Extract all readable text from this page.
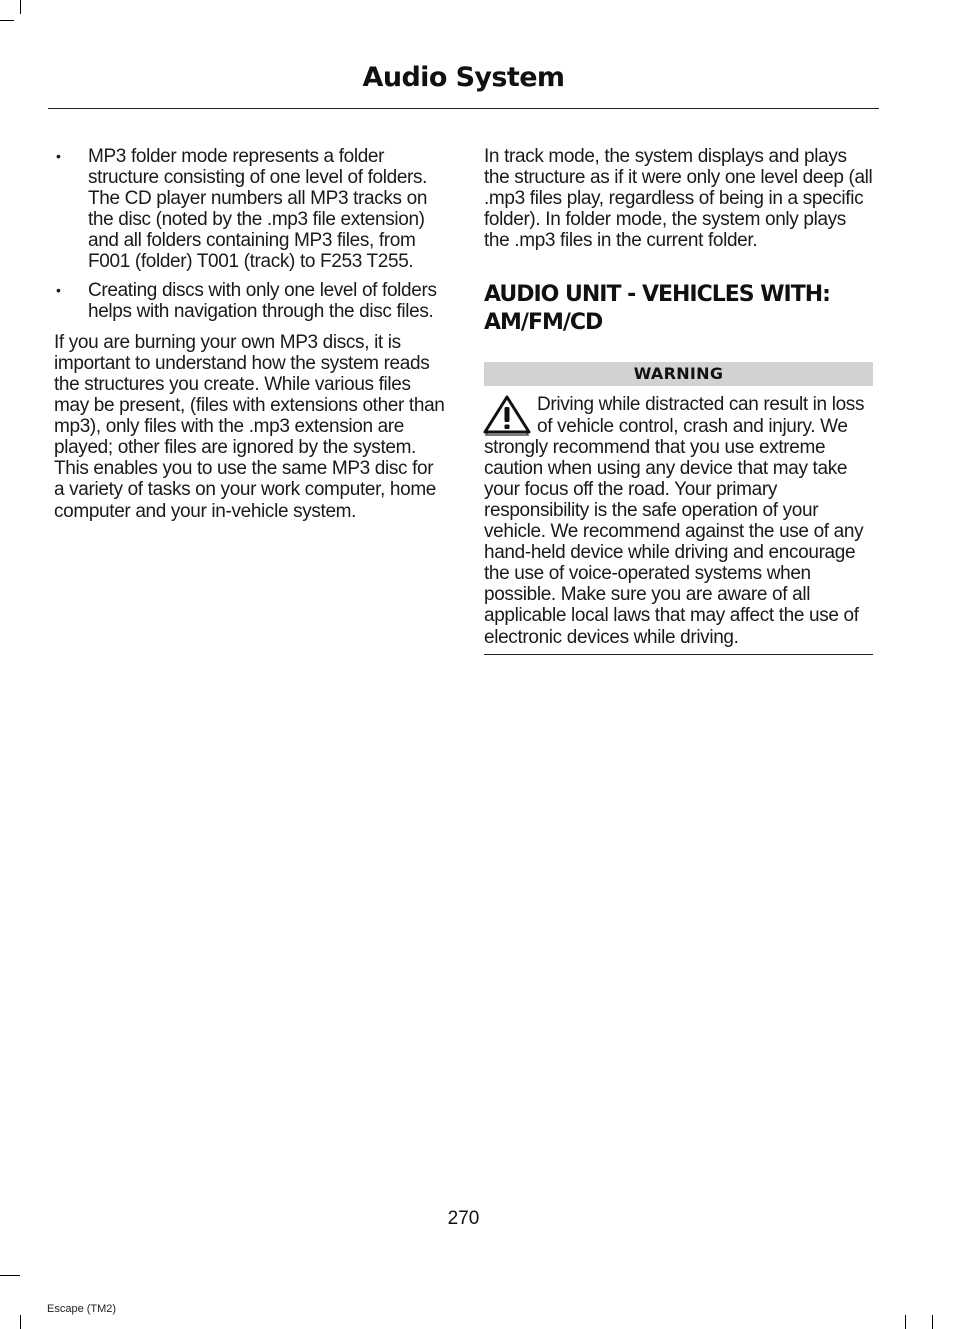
Audio System
• MP3 folder mode represents a folder structure consisting of one level of folders. The CD player numbers all MP3 tracks on the disc (noted by the .mp3 file extension) and all folders containing MP3 files, from F001 (folder) T001 (track) to F253 T255.
• Creating discs with only one level of folders helps with navigation through the disc files.

If you are burning your own MP3 discs, it is important to understand how the system reads the structures you create. While various files may be present, (files with extensions other than mp3), only files with the .mp3 extension are played; other files are ignored by the system. This enables you to use the same MP3 disc for a variety of tasks on your work computer, home computer and your in-vehicle system.

In track mode, the system displays and plays the structure as if it were only one level deep (all .mp3 files play, regardless of being in a specific folder). In folder mode, the system only plays the .mp3 files in the current folder.

AUDIO UNIT - VEHICLES WITH: AM/FM/CD
WARNING

Driving while distracted can result in loss of vehicle control, crash and injury. We strongly recommend that you use extreme caution when using any device that may take your focus off the road. Your primary responsibility is the safe operation of your vehicle. We recommend against the use of any hand-held device while driving and encourage the use of voice-operated systems when possible. Make sure you are aware of all applicable local laws that may affect the use of electronic devices while driving.

270
Escape (TM2)
